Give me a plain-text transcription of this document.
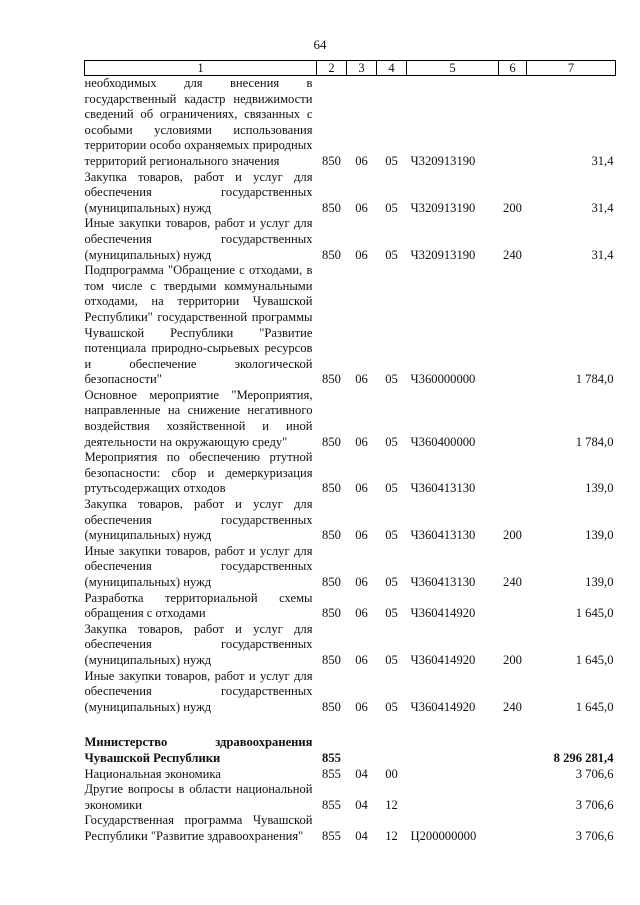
64
1	2	3	4	5	6	7
необходимых для внесения в государственный кадастр недвижимости сведений об ограничениях, связанных с особыми условиями использования территории особо охраняемых природных территорий регионального значения	850	06	05	Ч320913190		31,4
Закупка товаров, работ и услуг для обеспечения государственных (муниципальных) нужд	850	06	05	Ч320913190	200	31,4
Иные закупки товаров, работ и услуг для обеспечения государственных (муниципальных) нужд	850	06	05	Ч320913190	240	31,4
Подпрограмма "Обращение с отходами, в том числе с твердыми коммунальными отходами, на территории Чувашской Республики" государственной программы Чувашской Республики "Развитие потенциала природно-сырьевых ресурсов и обеспечение экологической безопасности"	850	06	05	Ч360000000		1 784,0
Основное мероприятие "Мероприятия, направленные на снижение негативного воздействия хозяйственной и иной деятельности на окружающую среду"	850	06	05	Ч360400000		1 784,0
Мероприятия по обеспечению ртутной безопасности: сбор и демеркуризация ртутьсодержащих отходов	850	06	05	Ч360413130		139,0
Закупка товаров, работ и услуг для обеспечения государственных (муниципальных) нужд	850	06	05	Ч360413130	200	139,0
Иные закупки товаров, работ и услуг для обеспечения государственных (муниципальных) нужд	850	06	05	Ч360413130	240	139,0
Разработка территориальной схемы обращения с отходами	850	06	05	Ч360414920		1 645,0
Закупка товаров, работ и услуг для обеспечения государственных (муниципальных) нужд	850	06	05	Ч360414920	200	1 645,0
Иные закупки товаров, работ и услуг для обеспечения государственных (муниципальных) нужд	850	06	05	Ч360414920	240	1 645,0

Министерство здравоохранения Чувашской Республики	855					8 296 281,4
Национальная экономика	855	04	00			3 706,6
Другие вопросы в области национальной экономики	855	04	12			3 706,6
Государственная программа Чувашской Республики "Развитие здравоохранения"	855	04	12	Ц200000000		3 706,6
